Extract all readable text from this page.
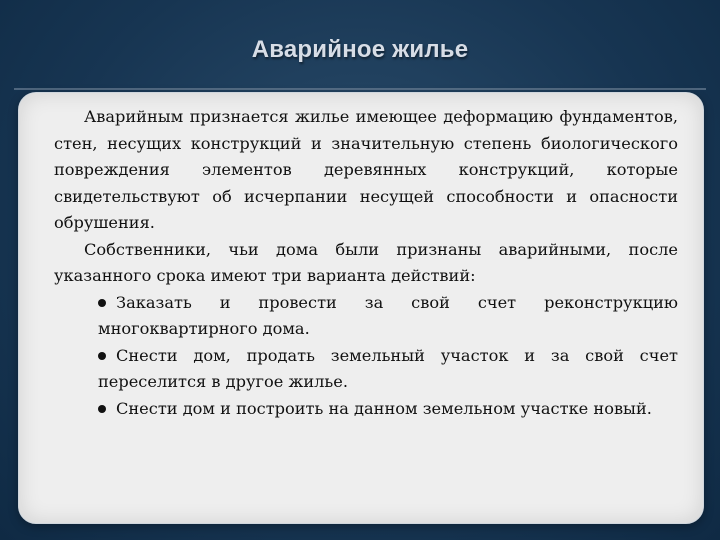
Аварийное жилье

Аварийным признается жилье имеющее деформацию фундаментов, стен, несущих конструкций и значительную степень биологического повреждения элементов деревянных конструкций, которые свидетельствуют об исчерпании несущей способности и опасности обрушения.

Собственники, чьи дома были признаны аварийными, после указанного срока имеют три варианта действий:

Заказать и провести за свой счет реконструкцию многоквартирного дома.
Снести дом, продать земельный участок и за свой счет переселится в другое жилье.
Снести дом и построить на данном земельном участке новый.
